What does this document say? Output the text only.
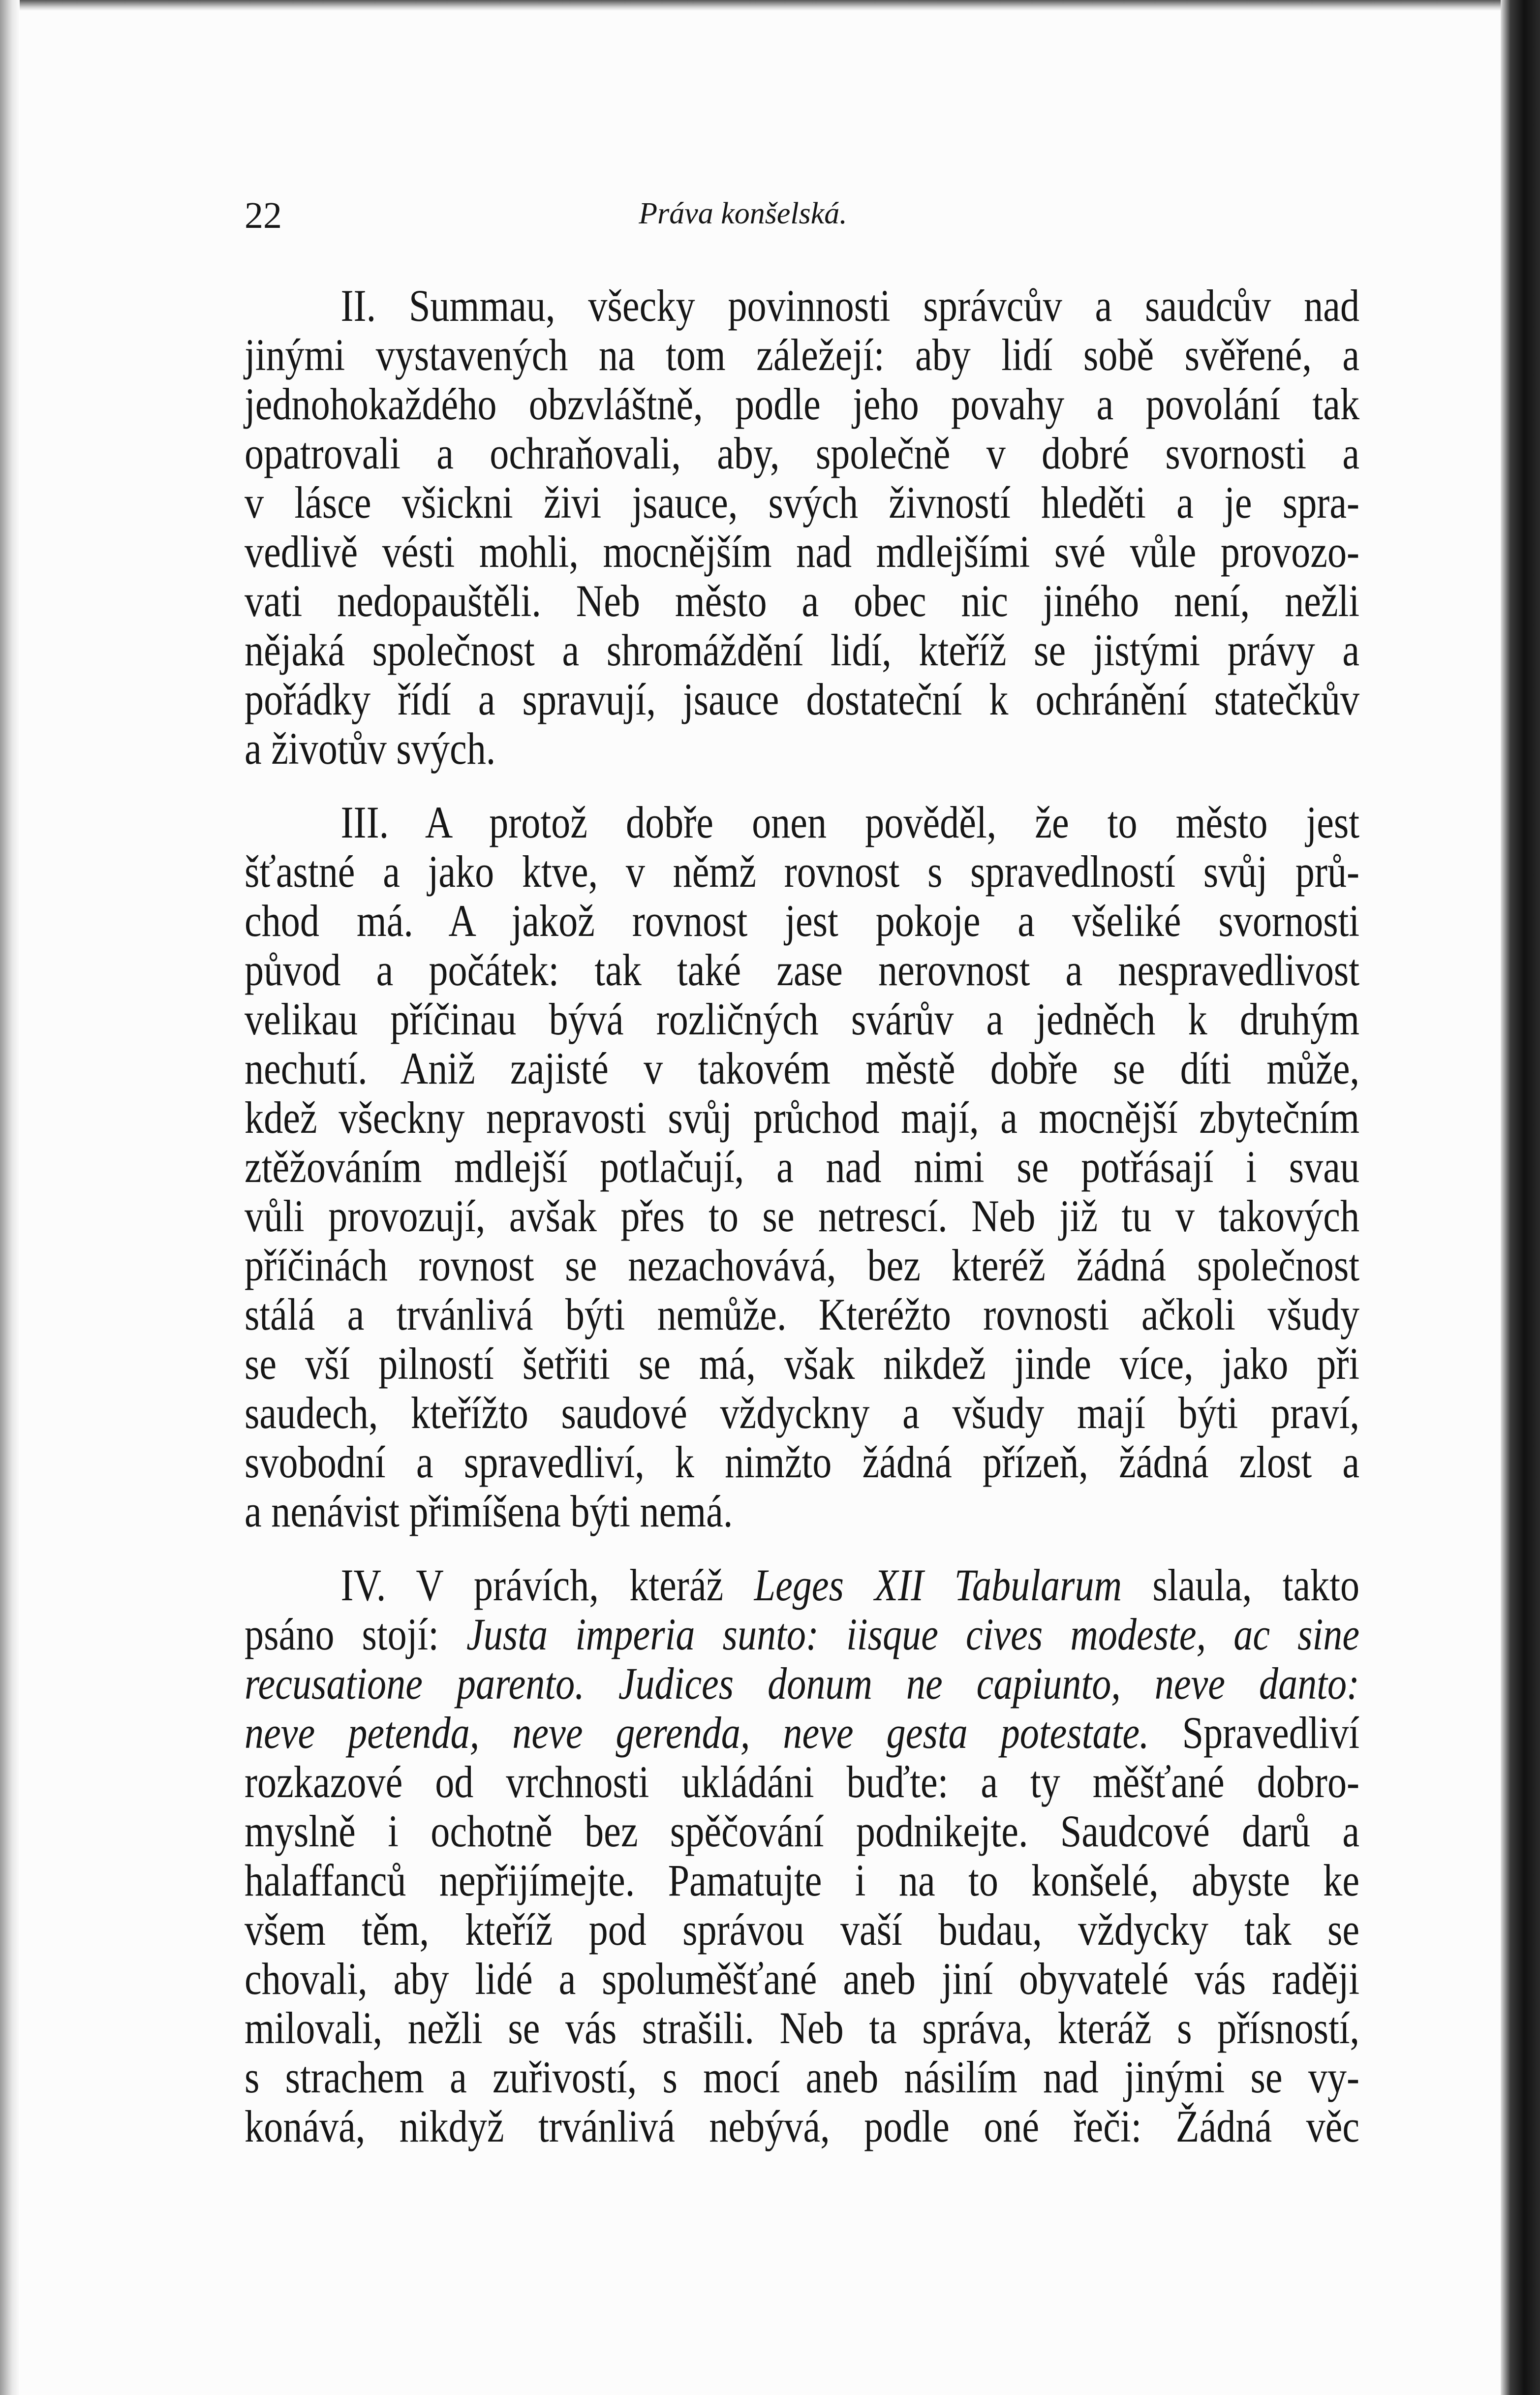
22	Práva konšelská.
II. Summau, všecky povinnosti správcův a saudcův nad
jinými vystavených na tom záležejí: aby lidí sobě svěřené, a
jednohokaždého obzvláštně, podle jeho povahy a povolání tak
opatrovali a ochraňovali, aby, společně v dobré svornosti a
v lásce všickni živi jsauce, svých živností hleděti a je spra-
vedlivě vésti mohli, mocnějším nad mdlejšími své vůle provozo-
vati nedopauštěli. Neb město a obec nic jiného není, nežli
nějaká společnost a shromáždění lidí, kteříž se jistými právy a
pořádky řídí a spravují, jsauce dostateční k ochránění statečkův
a životův svých.
III. A protož dobře onen pověděl, že to město jest
šťastné a jako ktve, v němž rovnost s spravedlností svůj prů-
chod má. A jakož rovnost jest pokoje a všeliké svornosti
původ a počátek: tak také zase nerovnost a nespravedlivost
velikau příčinau bývá rozličných svárův a jedněch k druhým
nechutí. Aniž zajisté v takovém městě dobře se díti může,
kdež všeckny nepravosti svůj průchod mají, a mocnější zbytečním
ztěžováním mdlejší potlačují, a nad nimi se potřásají i svau
vůli provozují, avšak přes to se netrescí. Neb již tu v takových
příčinách rovnost se nezachovává, bez kteréž žádná společnost
stálá a trvánlivá býti nemůže. Kteréžto rovnosti ačkoli všudy
se vší pilností šetřiti se má, však nikdež jinde více, jako při
saudech, kteřížto saudové vždyckny a všudy mají býti praví,
svobodní a spravedliví, k nimžto žádná přízeň, žádná zlost a
a nenávist přimíšena býti nemá.
IV. V právích, kteráž Leges XII Tabularum slaula, takto
psáno stojí: Justa imperia sunto: iisque cives modeste, ac sine
recusatione parento. Judices donum ne capiunto, neve danto:
neve petenda, neve gerenda, neve gesta potestate. Spravedliví
rozkazové od vrchnosti ukládáni buďte: a ty měšťané dobro-
myslně i ochotně bez spěčování podnikejte. Saudcové darů a
halaffanců nepřijímejte. Pamatujte i na to konšelé, abyste ke
všem těm, kteříž pod správou vaší budau, vždycky tak se
chovali, aby lidé a spoluměšťané aneb jiní obyvatelé vás raději
milovali, nežli se vás strašili. Neb ta správa, kteráž s přísností,
s strachem a zuřivostí, s mocí aneb násilím nad jinými se vy-
konává, nikdyž trvánlivá nebývá, podle oné řeči: Žádná věc
